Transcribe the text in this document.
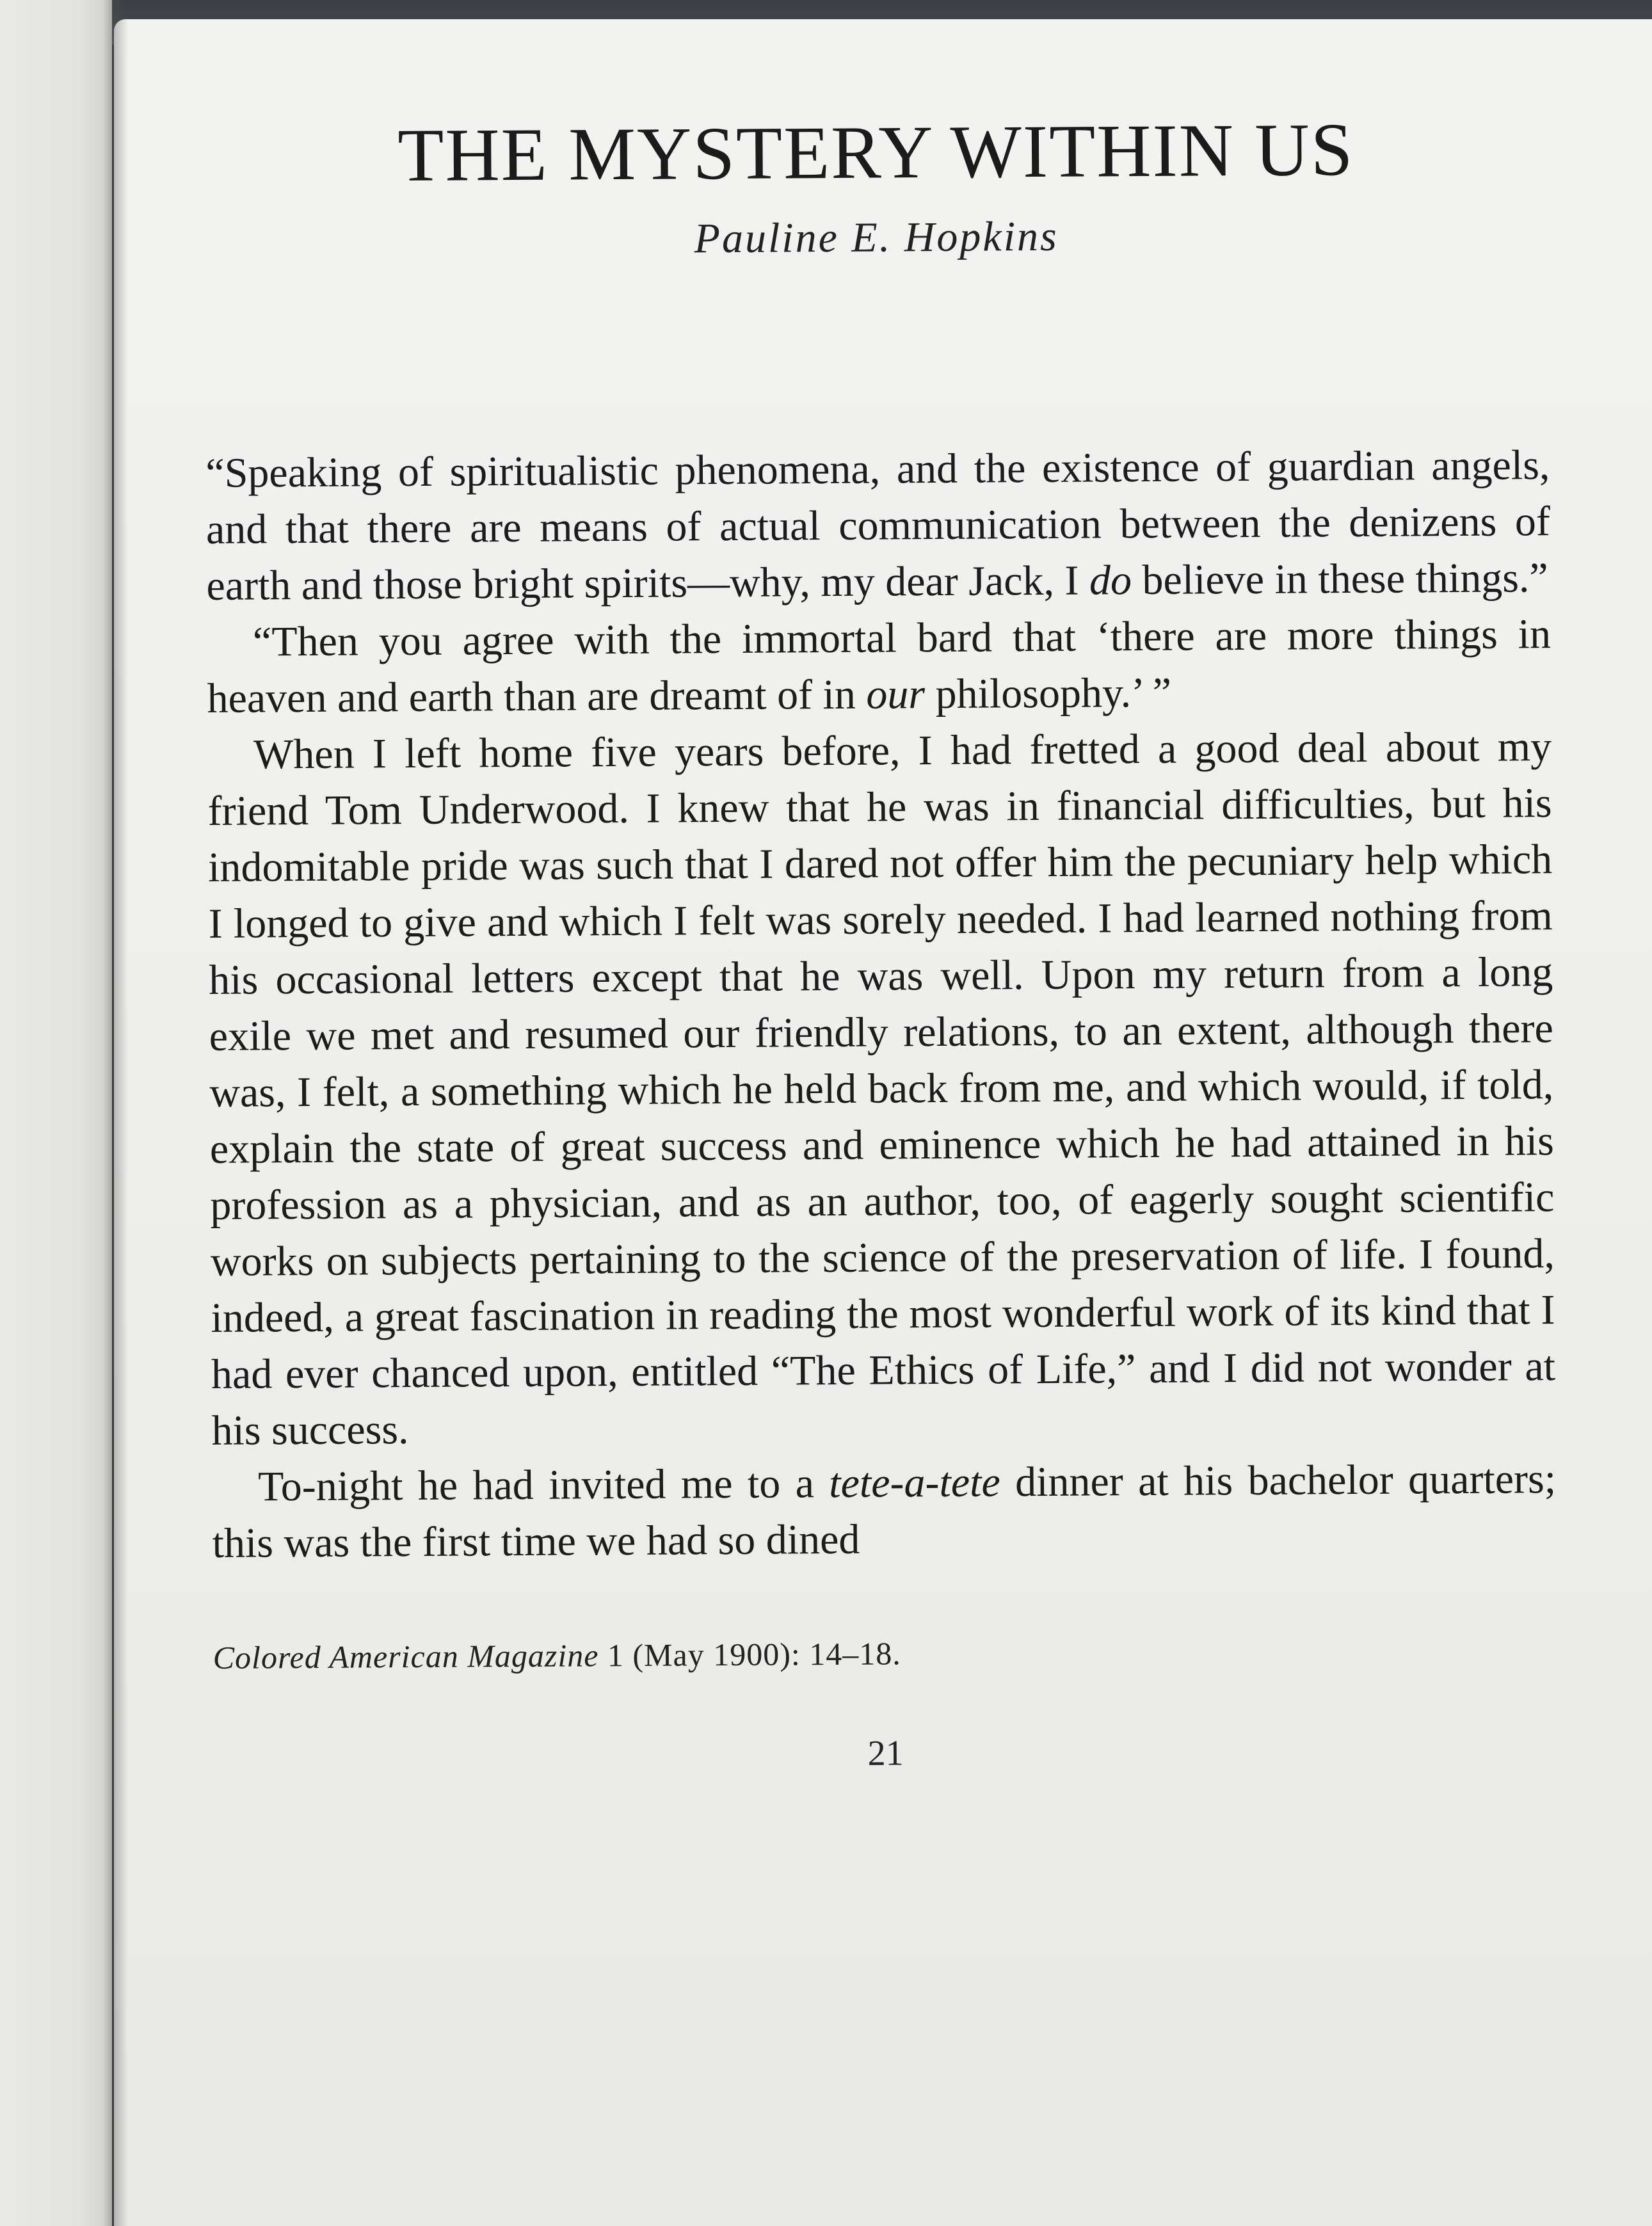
THE MYSTERY WITHIN US
Pauline E. Hopkins

“Speaking of spiritualistic phenomena, and the existence of guardian angels, and that there are means of actual communication between the denizens of earth and those bright spirits—why, my dear Jack, I do believe in these things.”

“Then you agree with the immortal bard that ‘there are more things in heaven and earth than are dreamt of in our philosophy.’ ”

When I left home five years before, I had fretted a good deal about my friend Tom Underwood. I knew that he was in financial difficulties, but his indomitable pride was such that I dared not offer him the pecuniary help which I longed to give and which I felt was sorely needed. I had learned nothing from his occasional letters except that he was well. Upon my return from a long exile we met and resumed our friendly relations, to an extent, although there was, I felt, a something which he held back from me, and which would, if told, explain the state of great success and eminence which he had attained in his profession as a physician, and as an author, too, of eagerly sought scientific works on subjects pertaining to the science of the preservation of life. I found, indeed, a great fascination in reading the most wonderful work of its kind that I had ever chanced upon, entitled “The Ethics of Life,” and I did not wonder at his success.

To-night he had invited me to a tete-a-tete dinner at his bachelor quarters; this was the first time we had so dined

Colored American Magazine 1 (May 1900): 14–18.
21
